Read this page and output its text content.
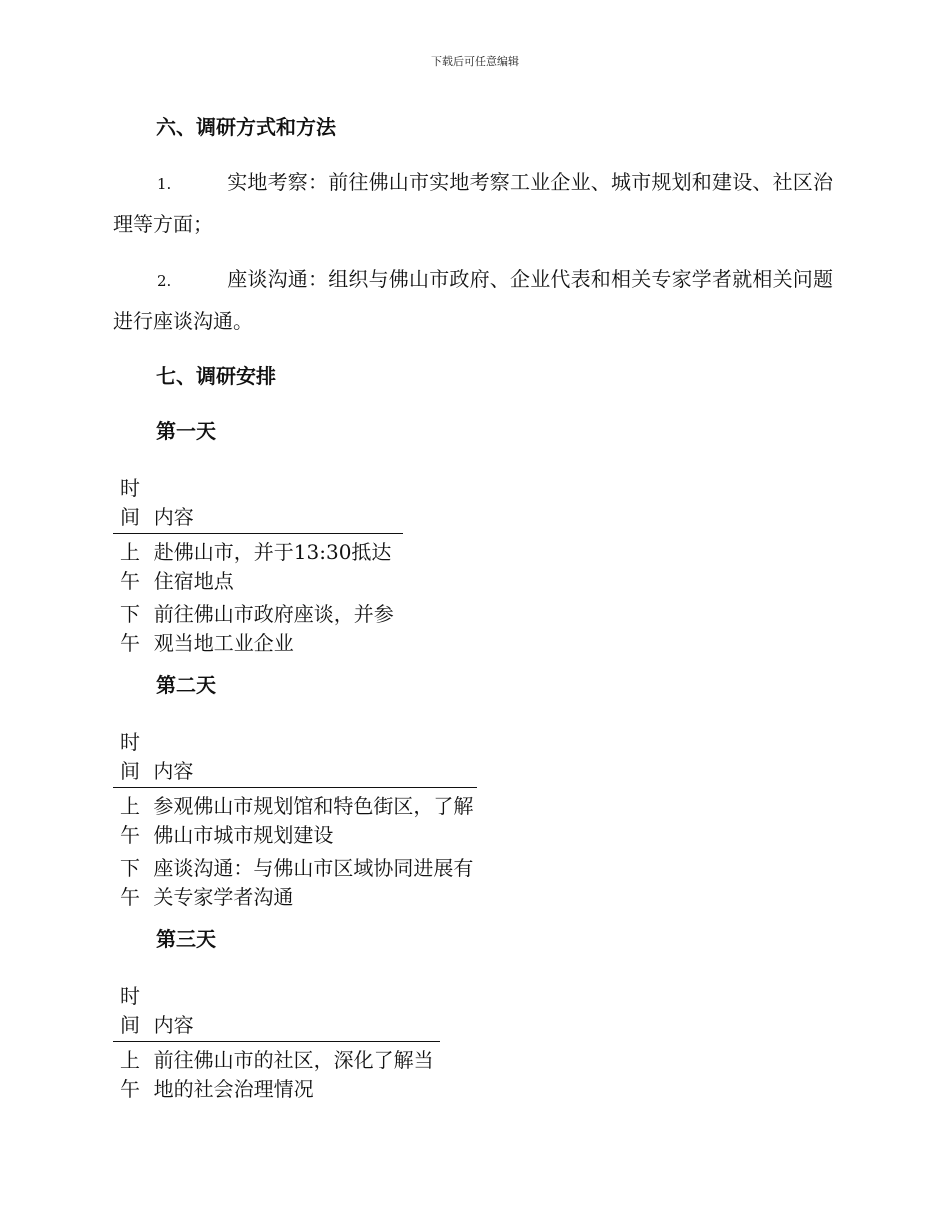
下载后可任意编辑
六、调研方式和方法
1.	实地考察：前往佛山市实地考察工业企业、城市规划和建设、社区治理等方面；
2.	座谈沟通：组织与佛山市政府、企业代表和相关专家学者就相关问题进行座谈沟通。
七、调研安排
第一天
时间	内容

上午	赴佛山市，并于13:30抵达住宿地点

下午	前往佛山市政府座谈，并参观当地工业企业
第二天
时间	内容

上午	参观佛山市规划馆和特色街区，了解佛山市城市规划建设

下午	座谈沟通：与佛山市区域协同进展有关专家学者沟通
第三天
时间	内容

上午	前往佛山市的社区，深化了解当地的社会治理情况
